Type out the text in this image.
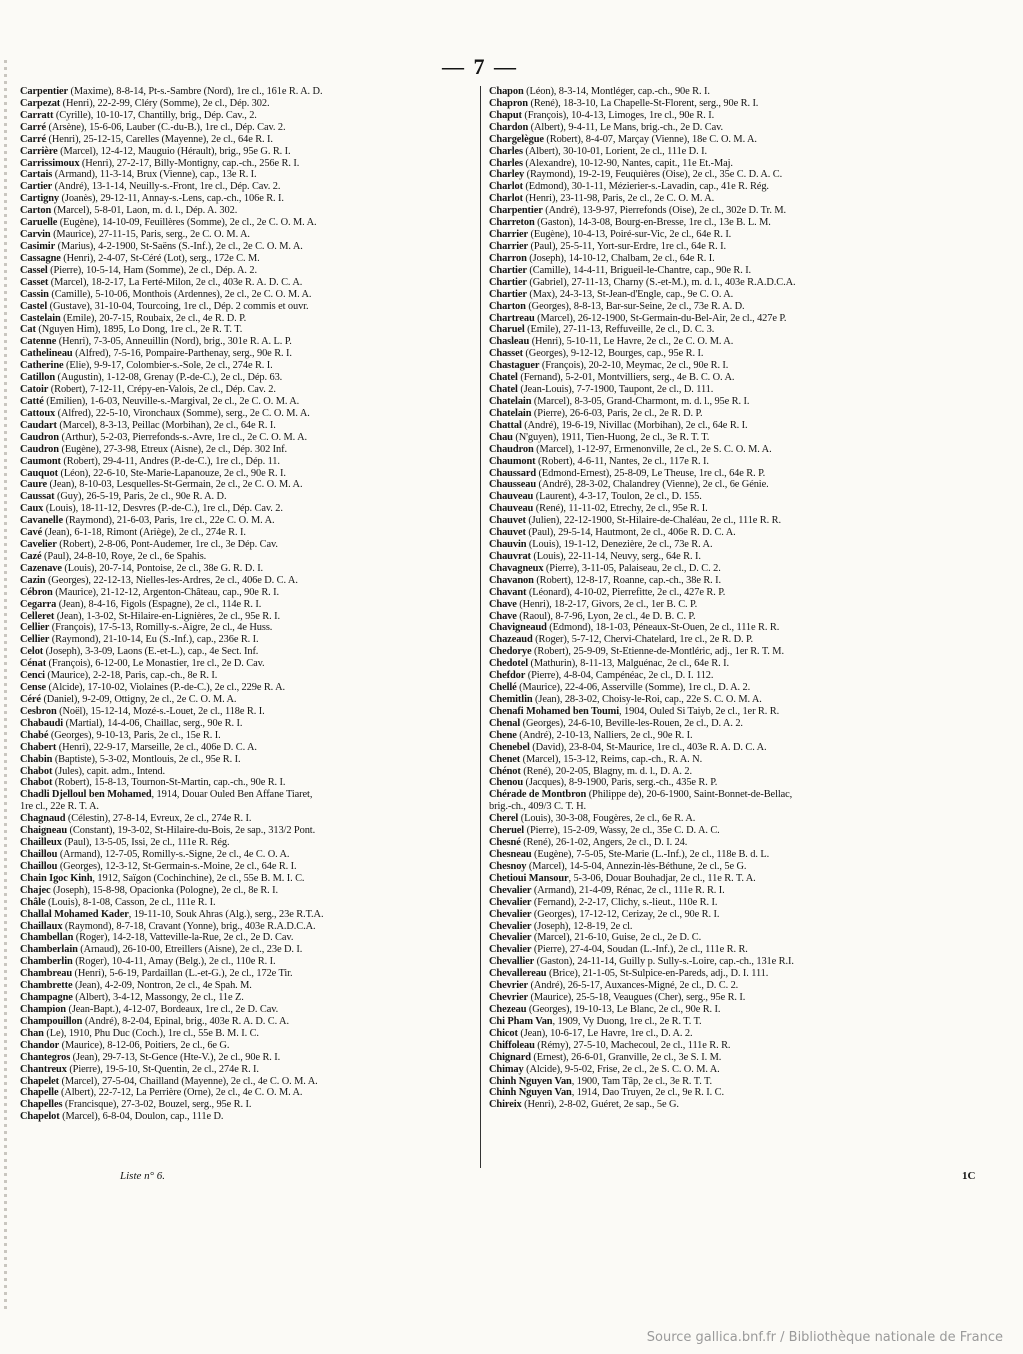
— 7 —
Carpentier (Maxime), 8-8-14, Pt-s.-Sambre (Nord), 1re cl., 161e R. A. D.
Carpezat (Henri), 22-2-99, Cléry (Somme), 2e cl., Dép. 302.
Carratt (Cyrille), 10-10-17, Chantilly, brig., Dép. Cav., 2.
Carré (Arsène), 15-6-06, Lauber (C.-du-B.), 1re cl., Dép. Cav. 2.
Carré (Henri), 25-12-15, Carelles (Mayenne), 2e cl., 64e R. I.
Carrière (Marcel), 12-4-12, Mauguio (Hérault), brig., 95e G. R. I.
Carrissimoux (Henri), 27-2-17, Billy-Montigny, cap.-ch., 256e R. I.
Cartais (Armand), 11-3-14, Brux (Vienne), cap., 13e R. I.
Cartier (André), 13-1-14, Neuilly-s.-Front, 1re cl., Dép. Cav. 2.
Cartigny (Joanès), 29-12-11, Annay-s.-Lens, cap.-ch., 106e R. I.
Carton (Marcel), 5-8-01, Laon, m. d. l., Dép. A. 302.
Caruelle (Eugène), 14-10-09, Feuillères (Somme), 2e cl., 2e C. O. M. A.
Carvin (Maurice), 27-11-15, Paris, serg., 2e C. O. M. A.
Casimir (Marius), 4-2-1900, St-Saëns (S.-Inf.), 2e cl., 2e C. O. M. A.
Cassagne (Henri), 2-4-07, St-Céré (Lot), serg., 172e C. M.
Cassel (Pierre), 10-5-14, Ham (Somme), 2e cl., Dép. A. 2.
Casset (Marcel), 18-2-17, La Ferté-Milon, 2e cl., 403e R. A. D. C. A.
Cassin (Camille), 5-10-06, Monthois (Ardennes), 2e cl., 2e C. O. M. A.
Castel (Gustave), 31-10-04, Tourcoing, 1re cl., Dép. 2 commis et ouvr.
Castelain (Emile), 20-7-15, Roubaix, 2e cl., 4e R. D. P.
Cat (Nguyen Him), 1895, Lo Dong, 1re cl., 2e R. T. T.
Catenne (Henri), 7-3-05, Anneuillin (Nord), brig., 301e R. A. L. P.
Cathelineau (Alfred), 7-5-16, Pompaire-Parthenay, serg., 90e R. I.
Catherine (Elie), 9-9-17, Colombier-s.-Sole, 2e cl., 274e R. I.
Catillon (Augustin), 1-12-08, Grenay (P.-de-C.), 2e cl., Dép. 63.
Catoir (Robert), 7-12-11, Crépy-en-Valois, 2e cl., Dép. Cav. 2.
Catté (Emilien), 1-6-03, Neuville-s.-Margival, 2e cl., 2e C. O. M. A.
Cattoux (Alfred), 22-5-10, Vironchaux (Somme), serg., 2e C. O. M. A.
Caudart (Marcel), 8-3-13, Peillac (Morbihan), 2e cl., 64e R. I.
Caudron (Arthur), 5-2-03, Pierrefonds-s.-Avre, 1re cl., 2e C. O. M. A.
Caudron (Eugène), 27-3-98, Etreux (Aisne), 2e cl., Dép. 302 Inf.
Caumont (Robert), 29-4-11, Andres (P.-de-C.), 1re cl., Dép. 11.
Cauquot (Léon), 22-6-10, Ste-Marie-Lapanouze, 2e cl., 90e R. I.
Caure (Jean), 8-10-03, Lesquelles-St-Germain, 2e cl., 2e C. O. M. A.
Caussat (Guy), 26-5-19, Paris, 2e cl., 90e R. A. D.
Caux (Louis), 18-11-12, Desvres (P.-de-C.), 1re cl., Dép. Cav. 2.
Cavanelle (Raymond), 21-6-03, Paris, 1re cl., 22e C. O. M. A.
Cavé (Jean), 6-1-18, Rimont (Ariège), 2e cl., 274e R. I.
Cavelier (Robert), 2-8-06, Pont-Audemer, 1re cl., 3e Dép. Cav.
Cazé (Paul), 24-8-10, Roye, 2e cl., 6e Spahis.
Cazenave (Louis), 20-7-14, Pontoise, 2e cl., 38e G. R. D. I.
Cazin (Georges), 22-12-13, Nielles-les-Ardres, 2e cl., 406e D. C. A.
Cébron (Maurice), 21-12-12, Argenton-Château, cap., 90e R. I.
Cegarra (Jean), 8-4-16, Figols (Espagne), 2e cl., 114e R. I.
Celleret (Jean), 1-3-02, St-Hilaire-en-Lignières, 2e cl., 95e R. I.
Cellier (François), 17-5-13, Romilly-s.-Aigre, 2e cl., 4e Huss.
Cellier (Raymond), 21-10-14, Eu (S.-Inf.), cap., 236e R. I.
Celot (Joseph), 3-3-09, Laons (E.-et-L.), cap., 4e Sect. Inf.
Cénat (François), 6-12-00, Le Monastier, 1re cl., 2e D. Cav.
Cenci (Maurice), 2-2-18, Paris, cap.-ch., 8e R. I.
Cense (Alcide), 17-10-02, Violaines (P.-de-C.), 2e cl., 229e R. A.
Céré (Daniel), 9-2-09, Ottigny, 2e cl., 2e C. O. M. A.
Cesbron (Noël), 15-12-14, Mozé-s.-Louet, 2e cl., 118e R. I.
Chabaudi (Martial), 14-4-06, Chaillac, serg., 90e R. I.
Chabé (Georges), 9-10-13, Paris, 2e cl., 15e R. I.
Chabert (Henri), 22-9-17, Marseille, 2e cl., 406e D. C. A.
Chabin (Baptiste), 5-3-02, Montlouis, 2e cl., 95e R. I.
Chabot (Jules), capit. adm., Intend.
Chabot (Robert), 15-8-13, Tournon-St-Martin, cap.-ch., 90e R. I.
Chadli Djelloul ben Mohamed, 1914, Douar Ouled Ben Affane Tiaret,
1re cl., 22e R. T. A.
Chagnaud (Célestin), 27-8-14, Evreux, 2e cl., 274e R. I.
Chaigneau (Constant), 19-3-02, St-Hilaire-du-Bois, 2e sap., 313/2 Pont.
Chailleux (Paul), 13-5-05, Issi, 2e cl., 111e R. Rég.
Chaillou (Armand), 12-7-05, Romilly-s.-Signe, 2e cl., 4e C. O. A.
Chaillou (Georges), 12-3-12, St-Germain-s.-Moine, 2e cl., 64e R. I.
Chain Igoc Kinh, 1912, Saïgon (Cochinchine), 2e cl., 55e B. M. I. C.
Chajec (Joseph), 15-8-98, Opacionka (Pologne), 2e cl., 8e R. I.
Châle (Louis), 8-1-08, Casson, 2e cl., 111e R. I.
Challal Mohamed Kader, 19-11-10, Souk Ahras (Alg.), serg., 23e R.T.A.
Chaillaux (Raymond), 8-7-18, Cravant (Yonne), brig., 403e R.A.D.C.A.
Chambellan (Roger), 14-2-18, Vatteville-la-Rue, 2e cl., 2e D. Cav.
Chamberlain (Arnaud), 26-10-00, Etreillers (Aisne), 2e cl., 23e D. I.
Chamberlin (Roger), 10-4-11, Amay (Belg.), 2e cl., 110e R. I.
Chambreau (Henri), 5-6-19, Pardaillan (L.-et-G.), 2e cl., 172e Tir.
Chambrette (Jean), 4-2-09, Nontron, 2e cl., 4e Spah. M.
Champagne (Albert), 3-4-12, Massongy, 2e cl., 11e Z.
Champion (Jean-Bapt.), 4-12-07, Bordeaux, 1re cl., 2e D. Cav.
Champouillon (André), 8-2-04, Epinal, brig., 403e R. A. D. C. A.
Chan (Le), 1910, Phu Duc (Coch.), 1re cl., 55e B. M. I. C.
Chandor (Maurice), 8-12-06, Poitiers, 2e cl., 6e G.
Chantegros (Jean), 29-7-13, St-Gence (Hte-V.), 2e cl., 90e R. I.
Chantreux (Pierre), 19-5-10, St-Quentin, 2e cl., 274e R. I.
Chapelet (Marcel), 27-5-04, Chailland (Mayenne), 2e cl., 4e C. O. M. A.
Chapelle (Albert), 22-7-12, La Perrière (Orne), 2e cl., 4e C. O. M. A.
Chapelles (Francisque), 27-3-02, Bouzel, serg., 95e R. I.
Chapelot (Marcel), 6-8-04, Doulon, cap., 111e D.
Chapon (Léon), 8-3-14, Montléger, cap.-ch., 90e R. I.
Chapron (René), 18-3-10, La Chapelle-St-Florent, serg., 90e R. I.
Chaput (François), 10-4-13, Limoges, 1re cl., 90e R. I.
Chardon (Albert), 9-4-11, Le Mans, brig.-ch., 2e D. Cav.
Chargelègue (Robert), 8-4-07, Marçay (Vienne), 18e C. O. M. A.
Charles (Albert), 30-10-01, Lorient, 2e cl., 111e D. I.
Charles (Alexandre), 10-12-90, Nantes, capit., 11e Et.-Maj.
Charley (Raymond), 19-2-19, Feuquières (Oise), 2e cl., 35e C. D. A. C.
Charlot (Edmond), 30-1-11, Mézierier-s.-Lavadin, cap., 41e R. Rég.
Charlot (Henri), 23-11-98, Paris, 2e cl., 2e C. O. M. A.
Charpentier (André), 13-9-97, Pierrefonds (Oise), 2e cl., 302e D. Tr. M.
Charreton (Gaston), 14-3-08, Bourg-en-Bresse, 1re cl., 13e B. L. M.
Charrier (Eugène), 10-4-13, Poiré-sur-Vic, 2e cl., 64e R. I.
Charrier (Paul), 25-5-11, Yort-sur-Erdre, 1re cl., 64e R. I.
Charron (Joseph), 14-10-12, Chalbam, 2e cl., 64e R. I.
Chartier (Camille), 14-4-11, Brigueil-le-Chantre, cap., 90e R. I.
Chartier (Gabriel), 27-11-13, Charny (S.-et-M.), m. d. l., 403e R.A.D.C.A.
Chartier (Max), 24-3-13, St-Jean-d'Engle, cap., 9e C. O. A.
Charton (Georges), 8-8-13, Bar-sur-Seine, 2e cl., 73e R. A. D.
Chartreau (Marcel), 26-12-1900, St-Germain-du-Bel-Air, 2e cl., 427e P.
Charuel (Emile), 27-11-13, Reffuveille, 2e cl., D. C. 3.
Chasleau (Henri), 5-10-11, Le Havre, 2e cl., 2e C. O. M. A.
Chasset (Georges), 9-12-12, Bourges, cap., 95e R. I.
Chastaguer (François), 20-2-10, Meymac, 2e cl., 90e R. I.
Chatel (Fernand), 5-2-01, Montvilliers, serg., 4e B. C. O. A.
Chatel (Jean-Louis), 7-7-1900, Taupont, 2e cl., D. 111.
Chatelain (Marcel), 8-3-05, Grand-Charmont, m. d. l., 95e R. I.
Chatelain (Pierre), 26-6-03, Paris, 2e cl., 2e R. D. P.
Chattal (André), 19-6-19, Nivillac (Morbihan), 2e cl., 64e R. I.
Chau (N'guyen), 1911, Tien-Huong, 2e cl., 3e R. T. T.
Chaudron (Marcel), 1-12-97, Ermenonville, 2e cl., 2e S. C. O. M. A.
Chaumont (Robert), 4-6-11, Nantes, 2e cl., 117e R. I.
Chaussard (Edmond-Ernest), 25-8-09, Le Theuse, 1re cl., 64e R. P.
Chausseau (André), 28-3-02, Chalandrey (Vienne), 2e cl., 6e Génie.
Chauveau (Laurent), 4-3-17, Toulon, 2e cl., D. 155.
Chauveau (René), 11-11-02, Etrechy, 2e cl., 95e R. I.
Chauvet (Julien), 22-12-1900, St-Hilaire-de-Chaléau, 2e cl., 111e R. R.
Chauvet (Paul), 29-5-14, Hautmont, 2e cl., 406e R. D. C. A.
Chauvin (Louis), 19-1-12, Denezière, 2e cl., 73e R. A.
Chauvrat (Louis), 22-11-14, Neuvy, serg., 64e R. I.
Chavagneux (Pierre), 3-11-05, Palaiseau, 2e cl., D. C. 2.
Chavanon (Robert), 12-8-17, Roanne, cap.-ch., 38e R. I.
Chavant (Léonard), 4-10-02, Pierrefitte, 2e cl., 427e R. P.
Chave (Henri), 18-2-17, Givors, 2e cl., 1er B. C. P.
Chave (Raoul), 8-7-96, Lyon, 2e cl., 4e D. B. C. P.
Chavigneaud (Edmond), 18-1-03, Péneaux-St-Ouen, 2e cl., 111e R. R.
Chazeaud (Roger), 5-7-12, Chervi-Chatelard, 1re cl., 2e R. D. P.
Chedorye (Robert), 25-9-09, St-Etienne-de-Montléric, adj., 1er R. T. M.
Chedotel (Mathurin), 8-11-13, Malguénac, 2e cl., 64e R. I.
Chefdor (Pierre), 4-8-04, Campénéac, 2e cl., D. I. 112.
Chellé (Maurice), 22-4-06, Asserville (Somme), 1re cl., D. A. 2.
Chemitlin (Jean), 28-3-02, Choisy-le-Roi, cap., 22e S. C. O. M. A.
Chenafi Mohamed ben Toumi, 1904, Ouled Si Taiyb, 2e cl., 1er R. R.
Chenal (Georges), 24-6-10, Beville-les-Rouen, 2e cl., D. A. 2.
Chene (André), 2-10-13, Nalliers, 2e cl., 90e R. I.
Chenebel (David), 23-8-04, St-Maurice, 1re cl., 403e R. A. D. C. A.
Chenet (Marcel), 15-3-12, Reims, cap.-ch., R. A. N.
Chénot (René), 20-2-05, Blagny, m. d. l., D. A. 2.
Chenou (Jacques), 8-9-1900, Paris, serg.-ch., 435e R. P.
Chérade de Montbron (Philippe de), 20-6-1900, Saint-Bonnet-de-Bellac,
brig.-ch., 409/3 C. T. H.
Cherel (Louis), 30-3-08, Fougères, 2e cl., 6e R. A.
Cheruel (Pierre), 15-2-09, Wassy, 2e cl., 35e C. D. A. C.
Chesné (René), 26-1-02, Angers, 2e cl., D. I. 24.
Chesneau (Eugène), 7-5-05, Ste-Marie (L.-Inf.), 2e cl., 118e B. d. L.
Chesnoy (Marcel), 14-5-04, Annezin-lès-Béthune, 2e cl., 5e G.
Chetioui Mansour, 5-3-06, Douar Bouhadjar, 2e cl., 11e R. T. A.
Chevalier (Armand), 21-4-09, Rénac, 2e cl., 111e R. R. I.
Chevalier (Fernand), 2-2-17, Clichy, s.-lieut., 110e R. I.
Chevalier (Georges), 17-12-12, Cerizay, 2e cl., 90e R. I.
Chevalier (Joseph), 12-8-19, 2e cl.
Chevalier (Marcel), 21-6-10, Guise, 2e cl., 2e D. C.
Chevalier (Pierre), 27-4-04, Soudan (L.-Inf.), 2e cl., 111e R. R.
Chevallier (Gaston), 24-11-14, Guilly p. Sully-s.-Loire, cap.-ch., 131e R.I.
Chevallereau (Brice), 21-1-05, St-Sulpice-en-Pareds, adj., D. I. 111.
Chevrier (André), 26-5-17, Auxances-Migné, 2e cl., D. C. 2.
Chevrier (Maurice), 25-5-18, Veaugues (Cher), serg., 95e R. I.
Chezeau (Georges), 19-10-13, Le Blanc, 2e cl., 90e R. I.
Chi Pham Van, 1909, Vy Duong, 1re cl., 2e R. T. T.
Chicot (Jean), 10-6-17, Le Havre, 1re cl., D. A. 2.
Chiffoleau (Rémy), 27-5-10, Machecoul, 2e cl., 111e R. R.
Chignard (Ernest), 26-6-01, Granville, 2e cl., 3e S. I. M.
Chimay (Alcide), 9-5-02, Frise, 2e cl., 2e S. C. O. M. A.
Chinh Nguyen Van, 1900, Tam Tâp, 2e cl., 3e R. T. T.
Chinh Nguyen Van, 1914, Dao Truyen, 2e cl., 9e R. I. C.
Chireix (Henri), 2-8-02, Guéret, 2e sap., 5e G.
Liste n° 6.	1C
Source gallica.bnf.fr / Bibliothèque nationale de France
